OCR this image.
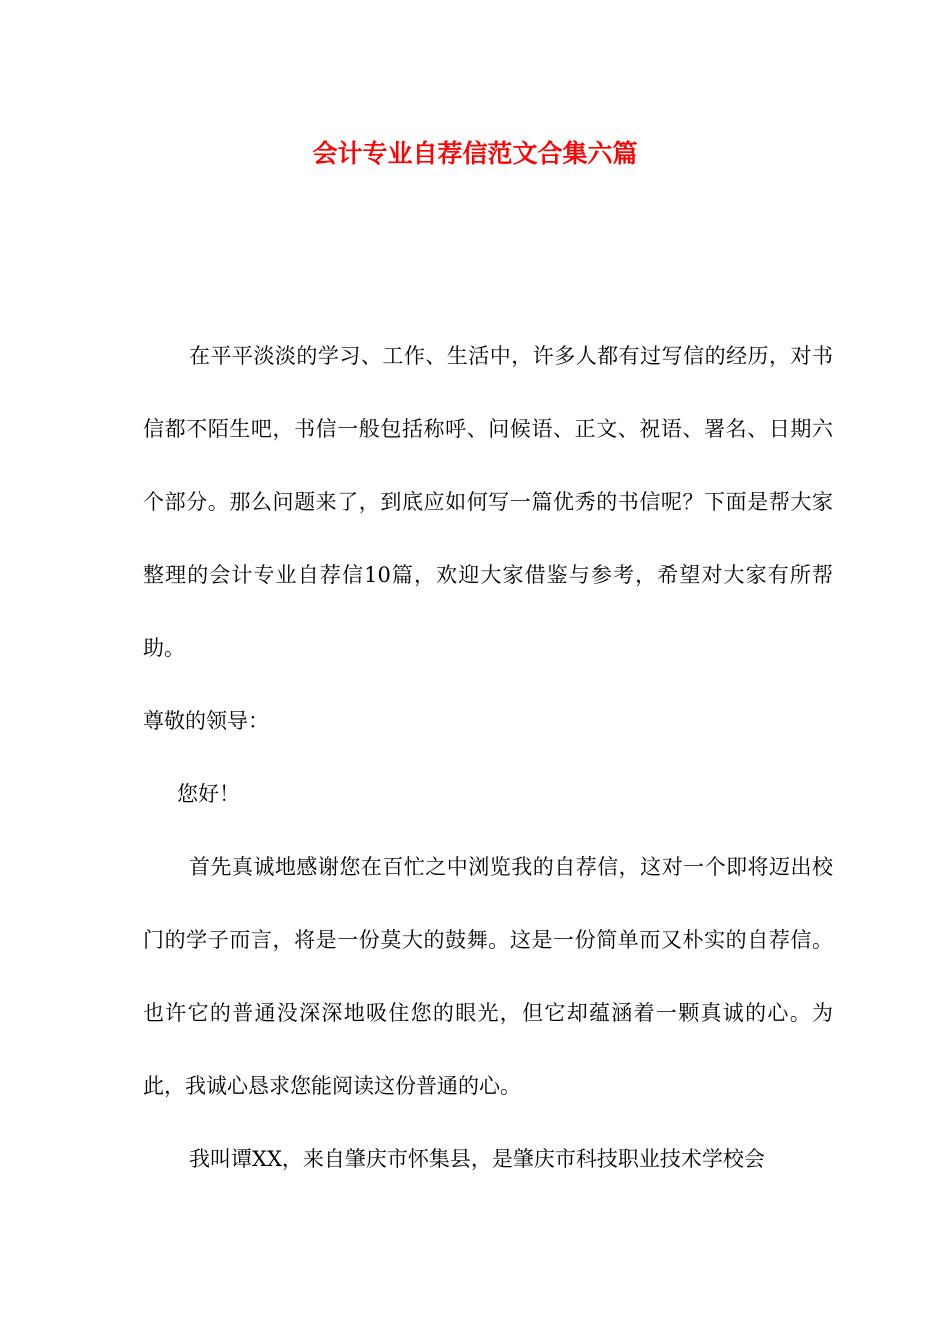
会计专业自荐信范文合集六篇

在平平淡淡的学习、工作、生活中，许多人都有过写信的经历，对书信都不陌生吧，书信一般包括称呼、问候语、正文、祝语、署名、日期六个部分。那么问题来了，到底应如何写一篇优秀的书信呢？下面是帮大家整理的会计专业自荐信10篇，欢迎大家借鉴与参考，希望对大家有所帮助。

尊敬的领导：

您好！

首先真诚地感谢您在百忙之中浏览我的自荐信，这对一个即将迈出校门的学子而言，将是一份莫大的鼓舞。这是一份简单而又朴实的自荐信。也许它的普通没深深地吸住您的眼光，但它却蕴涵着一颗真诚的心。为此，我诚心恳求您能阅读这份普通的心。

我叫谭XX，来自肇庆市怀集县，是肇庆市科技职业技术学校会
